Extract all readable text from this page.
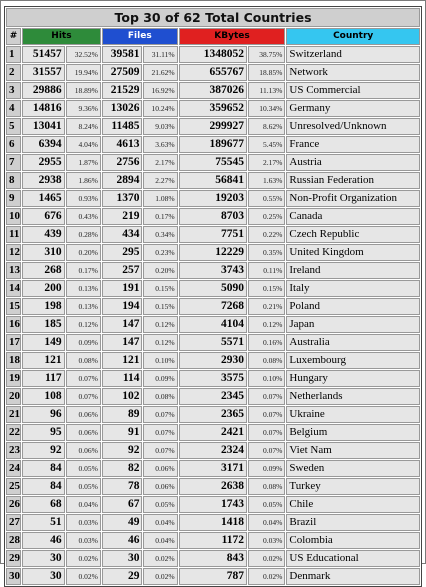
Top 30 of 62 Total Countries							
#	Hits		Files		KBytes		Country
1	51457	32.52%	39581	31.11%	1348052	38.75%	Switzerland
2	31557	19.94%	27509	21.62%	655767	18.85%	Network
3	29886	18.89%	21529	16.92%	387026	11.13%	US Commercial
4	14816	9.36%	13026	10.24%	359652	10.34%	Germany
5	13041	8.24%	11485	9.03%	299927	8.62%	Unresolved/Unknown
6	6394	4.04%	4613	3.63%	189677	5.45%	France
7	2955	1.87%	2756	2.17%	75545	2.17%	Austria
8	2938	1.86%	2894	2.27%	56841	1.63%	Russian Federation
9	1465	0.93%	1370	1.08%	19203	0.55%	Non-Profit Organization
10	676	0.43%	219	0.17%	8703	0.25%	Canada
11	439	0.28%	434	0.34%	7751	0.22%	Czech Republic
12	310	0.20%	295	0.23%	12229	0.35%	United Kingdom
13	268	0.17%	257	0.20%	3743	0.11%	Ireland
14	200	0.13%	191	0.15%	5090	0.15%	Italy
15	198	0.13%	194	0.15%	7268	0.21%	Poland
16	185	0.12%	147	0.12%	4104	0.12%	Japan
17	149	0.09%	147	0.12%	5571	0.16%	Australia
18	121	0.08%	121	0.10%	2930	0.08%	Luxembourg
19	117	0.07%	114	0.09%	3575	0.10%	Hungary
20	108	0.07%	102	0.08%	2345	0.07%	Netherlands
21	96	0.06%	89	0.07%	2365	0.07%	Ukraine
22	95	0.06%	91	0.07%	2421	0.07%	Belgium
23	92	0.06%	92	0.07%	2324	0.07%	Viet Nam
24	84	0.05%	82	0.06%	3171	0.09%	Sweden
25	84	0.05%	78	0.06%	2638	0.08%	Turkey
26	68	0.04%	67	0.05%	1743	0.05%	Chile
27	51	0.03%	49	0.04%	1418	0.04%	Brazil
28	46	0.03%	46	0.04%	1172	0.03%	Colombia
29	30	0.02%	30	0.02%	843	0.02%	US Educational
30	30	0.02%	29	0.02%	787	0.02%	Denmark
